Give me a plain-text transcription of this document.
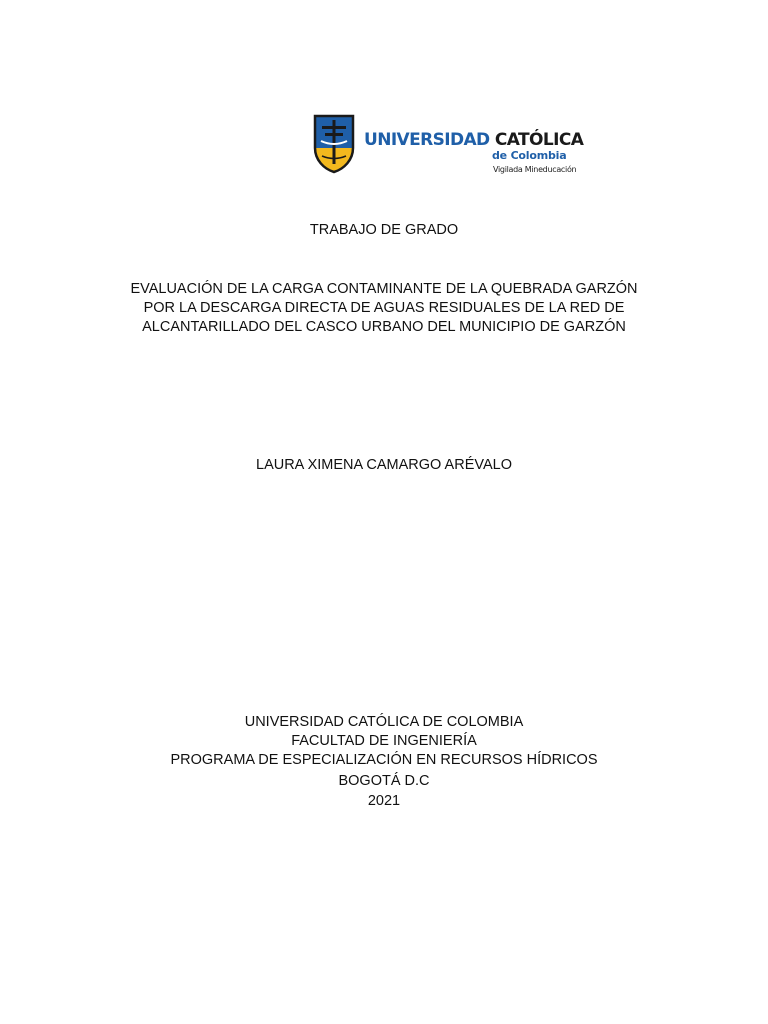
UNIVERSIDAD CATÓLICA
de Colombia
Vigilada Mineducación
TRABAJO DE GRADO
EVALUACIÓN DE LA CARGA CONTAMINANTE DE LA QUEBRADA GARZÓN
POR LA DESCARGA DIRECTA DE AGUAS RESIDUALES DE LA RED DE
ALCANTARILLADO DEL CASCO URBANO DEL MUNICIPIO DE GARZÓN
LAURA XIMENA CAMARGO ARÉVALO
UNIVERSIDAD CATÓLICA DE COLOMBIA
FACULTAD DE INGENIERÍA
PROGRAMA DE ESPECIALIZACIÓN EN RECURSOS HÍDRICOS
BOGOTÁ D.C
2021
